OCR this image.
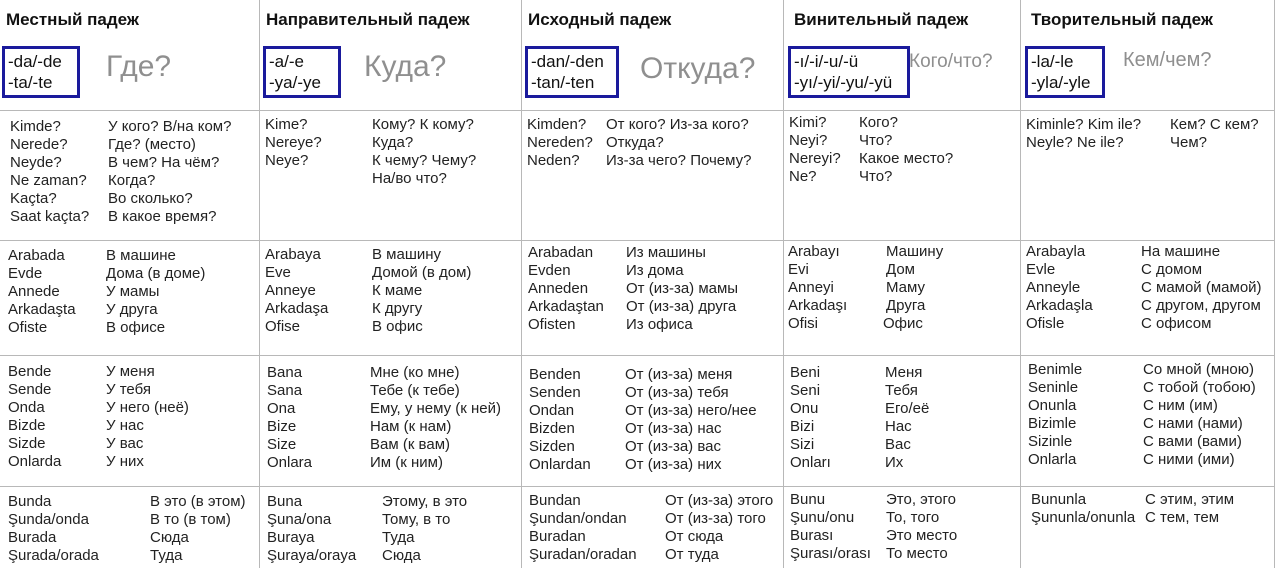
Местный падеж
-da/-de
-ta/-te	Где?
Kimde?	У кого? В/на ком?
Nerede?	Где? (место)
Neyde?	В чем? На чём?
Ne zaman? Когда?
Kaçta?	Во сколько?
Saat kaçta? В какое время?
Arabada	В машине
Evde	Дома (в доме)
Annede	У мамы
Arkadaşta У друга
Ofiste	В офисе
Bende	У меня
Sende	У тебя
Onda	У него (неё)
Bizde	У нас
Sizde	У вас
Onlarda	У них
Bunda	В это (в этом)
Şunda/onda	В то (в том)
Burada	Сюда
Şurada/orada	Туда
Направительный падеж
-a/-e
-ya/-ye	Куда?
Kime?	Кому? К кому?
Nereye?	Куда?
Neye?	К чему? Чему?
На/во что?
Arabaya	В машину
Eve	Домой (в дом)
Anneye	К маме
Arkadaşa	К другу
Ofise	В офис
Bana	Мне (ко мне)
Sana	Тебе (к тебе)
Ona	Ему, у нему (к ней)
Bize	Нам (к нам)
Size	Вам (к вам)
Onlara	Им (к ним)
Buna	Этому, в это
Şuna/ona	Тому, в то
Buraya	Туда
Şuraya/oraya Сюда
Исходный падеж
-dan/-den
-tan/-ten	Откуда?
Kimden? От кого? Из-за кого?
Nereden? Откуда?
Neden? Из-за чего? Почему?
Arabadan Из машины
Evden	Из дома
Anneden	От (из-за) мамы
Arkadaştan От (из-за) друга
Ofisten	Из офиса
Benden	От (из-за) меня
Senden	От (из-за) тебя
Ondan	От (из-за) него/нее
Bizden	От (из-за) нас
Sizden	От (из-за) вас
Onlardan От (из-за) них
Bundan	От (из-за) этого
Şundan/ondan	От (из-за) того
Buradan	От сюда
Şuradan/oradan От туда
Винительный падеж
-ı/-i/-u/-ü
-yı/-yi/-yu/-yü
Кого/что?
Kimi? Кого?
Neyi? Что?
Nereyi? Какое место?
Ne?	Что?
Arabayı	Машину
Evi	Дом
Anneyi	Маму
Arkadaşı	Друга
Ofisi	Офис
Beni	Меня
Seni	Тебя
Onu	Его/её
Bizi	Нас
Sizi	Вас
Onları	Их
Bunu	Это, этого
Şunu/onu То, того
Burası	Это место
Şurası/orası То место
Творительный падеж
-la/-le
-yla/-yle
Кем/чем?
Kiminle? Kim ile? Кем? С кем?
Neyle? Ne ile?	Чем?
Arabayla	На машине
Evle	С домом
Anneyle	С мамой (мамой)
Arkadaşla	С другом, другом
Ofisle	С офисом
Benimle	Со мной (мною)
Seninle	С тобой (тобою)
Onunla	С ним (им)
Bizimle	С нами (нами)
Sizinle	С вами (вами)
Onlarla	С ними (ими)
Bununla	С этим, этим
Şununla/onunla С тем, тем
